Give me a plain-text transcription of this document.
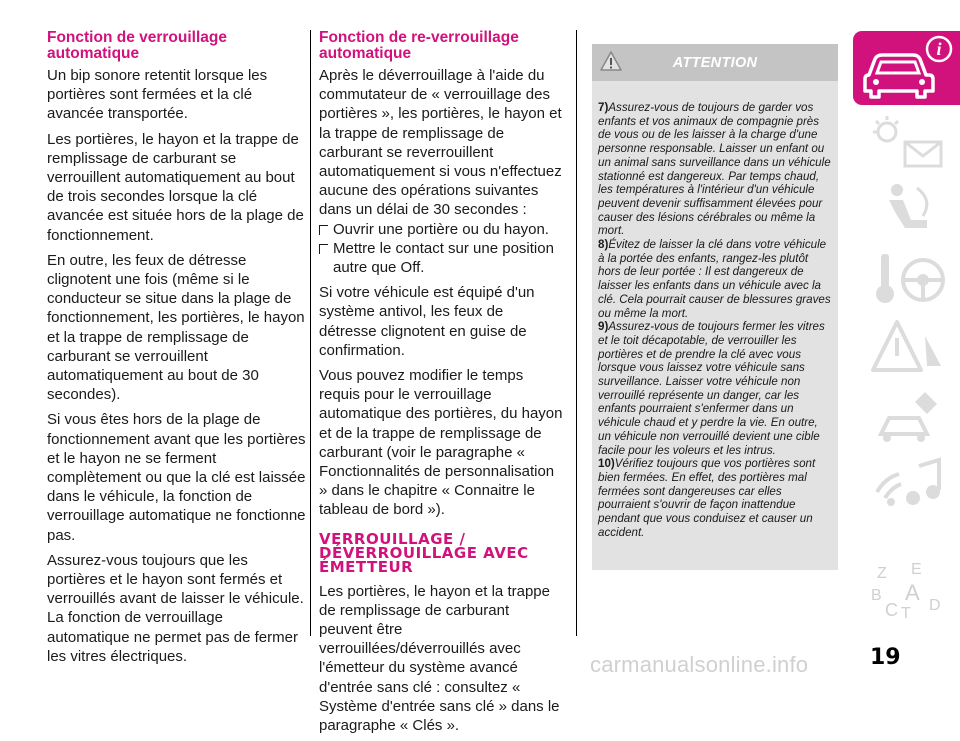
Fonction de verrouillage automatique

Un bip sonore retentit lorsque les portières sont fermées et la clé avancée transportée.

Les portières, le hayon et la trappe de remplissage de carburant se verrouillent automatiquement au bout de trois secondes lorsque la clé avancée est située hors de la plage de fonctionnement.

En outre, les feux de détresse clignotent une fois (même si le conducteur se situe dans la plage de fonctionnement, les portières, le hayon et la trappe de remplissage de carburant se verrouillent automatiquement au bout de 30 secondes).

Si vous êtes hors de la plage de fonctionnement avant que les portières et le hayon ne se ferment complètement ou que la clé est laissée dans le véhicule, la fonction de verrouillage automatique ne fonctionne pas.

Assurez-vous toujours que les portières et le hayon sont fermés et verrouillés avant de laisser le véhicule. La fonction de verrouillage automatique ne permet pas de fermer les vitres électriques.

Fonction de re-verrouillage automatique

Après le déverrouillage à l'aide du commutateur de « verrouillage des portières », les portières, le hayon et la trappe de remplissage de carburant se reverrouillent automatiquement si vous n'effectuez aucune des opérations suivantes dans un délai de 30 secondes :

Ouvrir une portière ou du hayon.
Mettre le contact sur une position autre que Off.

Si votre véhicule est équipé d'un système antivol, les feux de détresse clignotent en guise de confirmation.

Vous pouvez modifier le temps requis pour le verrouillage automatique des portières, du hayon et de la trappe de remplissage de carburant (voir le paragraphe « Fonctionnalités de personnalisation » dans le chapitre « Connaitre le tableau de bord »).

VERROUILLAGE /
DÉVERROUILLAGE AVEC
ÉMETTEUR

Les portières, le hayon et la trappe de remplissage de carburant peuvent être verrouillées/déverrouillés avec l'émetteur du système avancé d'entrée sans clé : consultez « Système d'entrée sans clé » dans le paragraphe « Clés ».

ATTENTION

7)Assurez-vous de toujours de garder vos enfants et vos animaux de compagnie près de vous ou de les laisser à la charge d'une personne responsable. Laisser un enfant ou un animal sans surveillance dans un véhicule stationné est dangereux. Par temps chaud, les températures à l'intérieur d'un véhicule peuvent devenir suffisamment élevées pour causer des lésions cérébrales ou même la mort.

8)Évitez de laisser la clé dans votre véhicule à la portée des enfants, rangez-les plutôt hors de leur portée : Il est dangereux de laisser les enfants dans un véhicule avec la clé. Cela pourrait causer de blessures graves ou même la mort.

9)Assurez-vous de toujours fermer les vitres et le toit décapotable, de verrouiller les portières et de prendre la clé avec vous lorsque vous laissez votre véhicule sans surveillance. Laisser votre véhicule non verrouillé représente un danger, car les enfants pourraient s'enfermer dans un véhicule chaud et y perdre la vie. En outre, un véhicule non verrouillé devient une cible facile pour les voleurs et les intrus.

10)Vérifiez toujours que vos portières sont bien fermées. En effet, des portières mal fermées sont dangereuses car elles pourraient s'ouvrir de façon inattendue pendant que vous conduisez et causer un accident.

i
Z E
B A
C T D
carmanualsonline.info	19
